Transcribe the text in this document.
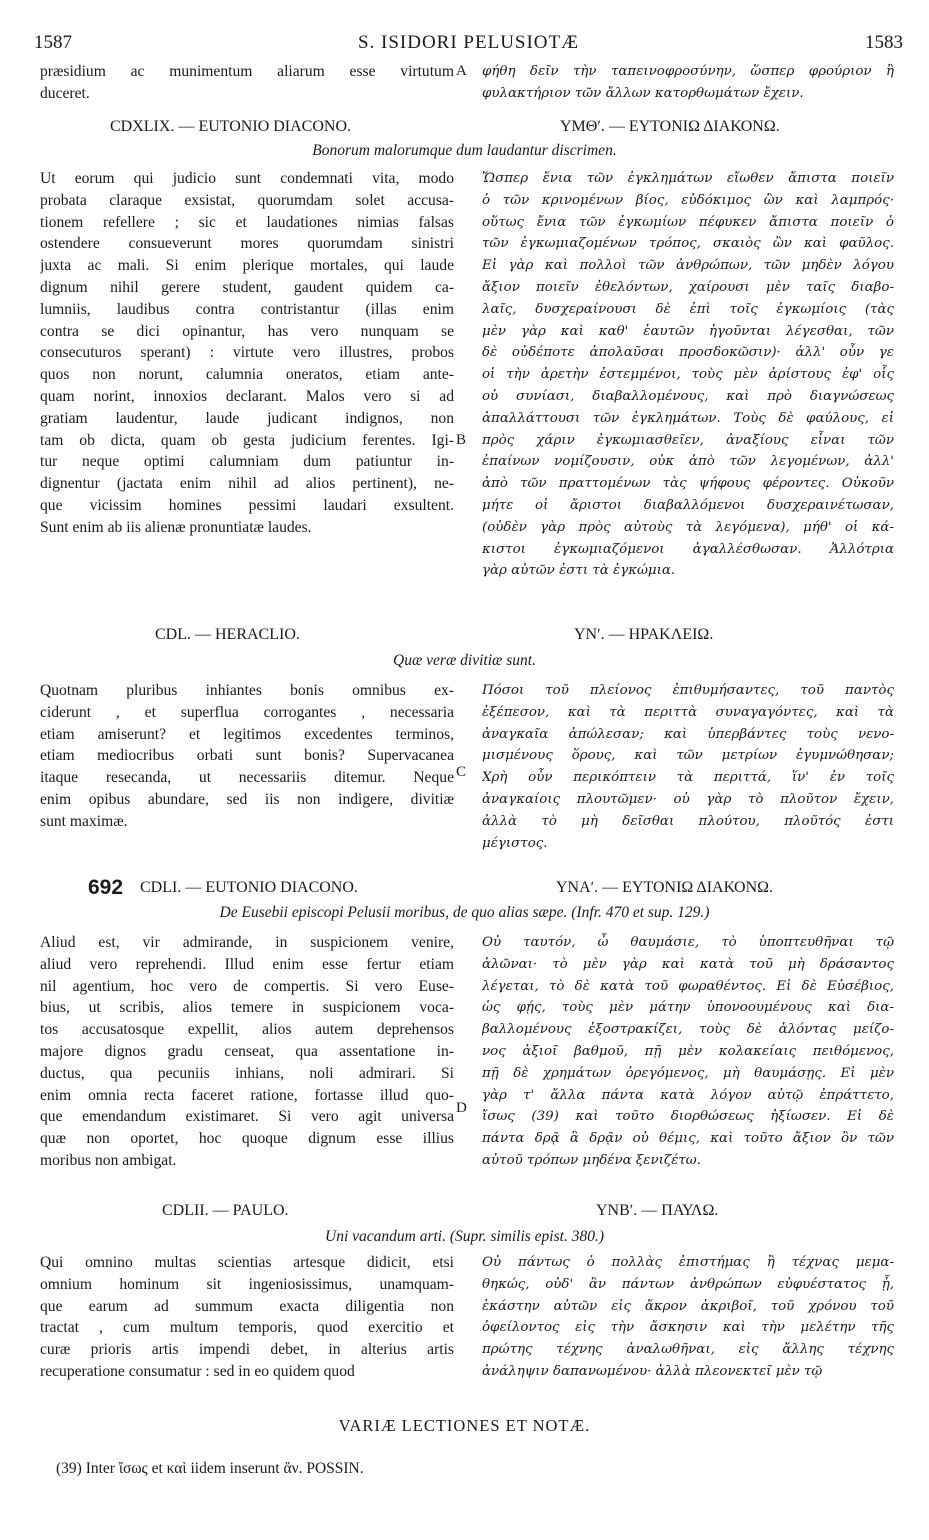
1587	S. ISIDORI PELUSIOTÆ	1583
præsidium ac munimentum aliarum esse virtutum
duceret.
A φήθη δεῖν τὴν ταπεινοφροσύνην, ὥσπερ φρούριον ἢ
φυλακτήριον τῶν ἄλλων κατορθωμάτων ἔχειν.
CDXLIX. — EUTONIO DIACONO.	ΥΜΘʹ. — ΕΥΤΟΝΙΩ ΔΙΑΚΟΝΩ.
Bonorum malorumque dum laudantur discrimen.
Ut eorum qui judicio sunt condemnati vita, modo
probata claraque exsistat, quorumdam solet accusa-
tionem refellere ; sic et laudationes nimias falsas
ostendere consueverunt mores quorumdam sinistri
juxta ac mali. Si enim plerique mortales, qui laude
dignum nihil gerere student, gaudent quidem ca-
lumniis, laudibus contra contristantur (illas enim
contra se dici opinantur, has vero nunquam se
consecuturos sperant) : virtute vero illustres, probos
quos non norunt, calumnia oneratos, etiam ante-
quam norint, innoxios declarant. Malos vero si ad
gratiam laudentur, laude judicant indignos, non
tam ob dicta, quam ob gesta judicium ferentes. Igi-
tur neque optimi calumniam dum patiuntur in-
dignentur (jactata enim nihil ad alios pertinent), ne-
que vicissim homines pessimi laudari exsultent.
Sunt enim ab iis alienæ pronuntiatæ laudes.
Ὥσπερ ἔνια τῶν ἐγκλημάτων εἴωθεν ἄπιστα ποιεῖν
ὁ τῶν κρινομένων βίος, εὐδόκιμος ὢν καὶ λαμπρός·
οὕτως ἔνια τῶν ἐγκωμίων πέφυκεν ἄπιστα ποιεῖν ὁ
τῶν ἐγκωμιαζομένων τρόπος, σκαιὸς ὢν καὶ φαῦλος.
Εἰ γὰρ καὶ πολλοὶ τῶν ἀνθρώπων, τῶν μηδὲν λόγου
ἄξιον ποιεῖν ἐθελόντων, χαίρουσι μὲν ταῖς διαβο-
λαῖς, δυσχεραίνουσι δὲ ἐπὶ τοῖς ἐγκωμίοις (τὰς
μὲν γὰρ καὶ καθ' ἑαυτῶν ἡγοῦνται λέγεσθαι, τῶν
δὲ οὐδέποτε ἀπολαῦσαι προσδοκῶσιν)· ἀλλ' οὖν γε
οἱ τὴν ἀρετὴν ἐστεμμένοι, τοὺς μὲν ἀρίστους ἐφ' οἷς
οὐ συνίασι, διαβαλλομένους, καὶ πρὸ διαγνώσεως
ἀπαλλάττουσι τῶν ἐγκλημάτων. Τοὺς δὲ φαύλους, εἰ
πρὸς χάριν ἐγκωμιασθεῖεν, ἀναξίους εἶναι τῶν
ἐπαίνων νομίζουσιν, οὐκ ἀπὸ τῶν λεγομένων, ἀλλ'
ἀπὸ τῶν πραττομένων τὰς ψήφους φέροντες. Οὐκοῦν
μήτε οἱ ἄριστοι διαβαλλόμενοι δυσχεραινέτωσαν,
(οὐδὲν γὰρ πρὸς αὐτοὺς τὰ λεγόμενα), μήθ' οἱ κά-
κιστοι ἐγκωμιαζόμενοι ἀγαλλέσθωσαν. Ἀλλότρια
γὰρ αὐτῶν ἐστι τὰ ἐγκώμια.
B
CDL. — HERACLIO.	ΥΝʹ. — ΗΡΑΚΛΕΙΩ.
Quæ veræ divitiæ sunt.
Quotnam pluribus inhiantes bonis omnibus ex-
ciderunt , et superflua corrogantes , necessaria
etiam amiserunt? et legitimos excedentes terminos,
etiam mediocribus orbati sunt bonis? Supervacanea
itaque resecanda, ut necessariis ditemur. Neque
enim opibus abundare, sed iis non indigere, divitiæ
sunt maximæ.
Πόσοι τοῦ πλείονος ἐπιθυμήσαντες, τοῦ παντὸς
ἐξέπεσον, καὶ τὰ περιττὰ συναγαγόντες, καὶ τὰ
ἀναγκαῖα ἀπώλεσαν; καὶ ὑπερβάντες τοὺς νενο-
μισμένους ὅρους, καὶ τῶν μετρίων ἐγυμνώθησαν;
Χρὴ οὖν περικόπτειν τὰ περιττά, ἵν' ἐν τοῖς
ἀναγκαίοις πλουτῶμεν· οὐ γὰρ τὸ πλοῦτον ἔχειν,
ἀλλὰ τὸ μὴ δεῖσθαι πλούτου, πλοῦτός ἐστι
μέγιστος.
C
692 CDLI. — EUTONIO DIACONO.	ΥΝΑʹ. — ΕΥΤΟΝΙΩ ΔΙΑΚΟΝΩ.
De Eusebii episcopi Pelusii moribus, de quo alias sæpe. (Infr. 470 et sup. 129.)
Aliud est, vir admirande, in suspicionem venire,
aliud vero reprehendi. Illud enim esse fertur etiam
nil agentium, hoc vero de compertis. Si vero Euse-
bius, ut scribis, alios temere in suspicionem voca-
tos accusatosque expellit, alios autem deprehensos
majore dignos gradu censeat, qua assentatione in-
ductus, qua pecuniis inhians, noli admirari. Si
enim omnia recta faceret ratione, fortasse illud quo-
que emendandum existimaret. Si vero agit universa
quæ non oportet, hoc quoque dignum esse illius
moribus non ambigat.
Οὐ ταυτόν, ὦ θαυμάσιε, τὸ ὑποπτευθῆναι τῷ
ἁλῶναι· τὸ μὲν γὰρ καὶ κατὰ τοῦ μὴ δράσαντος
λέγεται, τὸ δὲ κατὰ τοῦ φωραθέντος. Εἰ δὲ Εὐσέβιος,
ὡς φῄς, τοὺς μὲν μάτην ὑπονοουμένους καὶ δια-
βαλλομένους ἐξοστρακίζει, τοὺς δὲ ἁλόντας μείζο-
νος ἀξιοῖ βαθμοῦ, πῇ μὲν κολακείαις πειθόμενος,
πῇ δὲ χρημάτων ὀρεγόμενος, μὴ θαυμάσῃς. Εἰ μὲν
γὰρ τ' ἄλλα πάντα κατὰ λόγον αὐτῷ ἐπράττετο,
ἴσως (39) καὶ τοῦτο διορθώσεως ἠξίωσεν. Εἰ δὲ
πάντα δρᾷ ἃ δρᾷν οὐ θέμις, καὶ τοῦτο ἄξιον ὂν τῶν
αὐτοῦ τρόπων μηδένα ξενιζέτω.
D
CDLII. — PAULO.	ΥΝΒʹ. — ΠΑΥΛΩ.
Uni vacandum arti. (Supr. similis epist. 380.)
Qui omnino multas scientias artesque didicit, etsi
omnium hominum sit ingeniosissimus, unamquam-
que earum ad summum exacta diligentia non
tractat , cum multum temporis, quod exercitio et
curæ prioris artis impendi debet, in alterius artis
recuperatione consumatur : sed in eo quidem quod
Οὐ πάντως ὁ πολλὰς ἐπιστήμας ἢ τέχνας μεμα-
θηκώς, οὐδ' ἂν πάντων ἀνθρώπων εὐφυέστατος ᾖ,
ἑκάστην αὐτῶν εἰς ἄκρον ἀκριβοῖ, τοῦ χρόνου τοῦ
ὀφείλοντος εἰς τὴν ἄσκησιν καὶ τὴν μελέτην τῆς
πρώτης τέχνης ἀναλωθῆναι, εἰς ἄλλης τέχνης
ἀνάληψιν δαπανωμένου· ἀλλὰ πλεονεκτεῖ μὲν τῷ
VARIÆ LECTIONES ET NOTÆ.
(39) Inter ἴσως et καὶ iidem inserunt ἄν. POSSIN.
